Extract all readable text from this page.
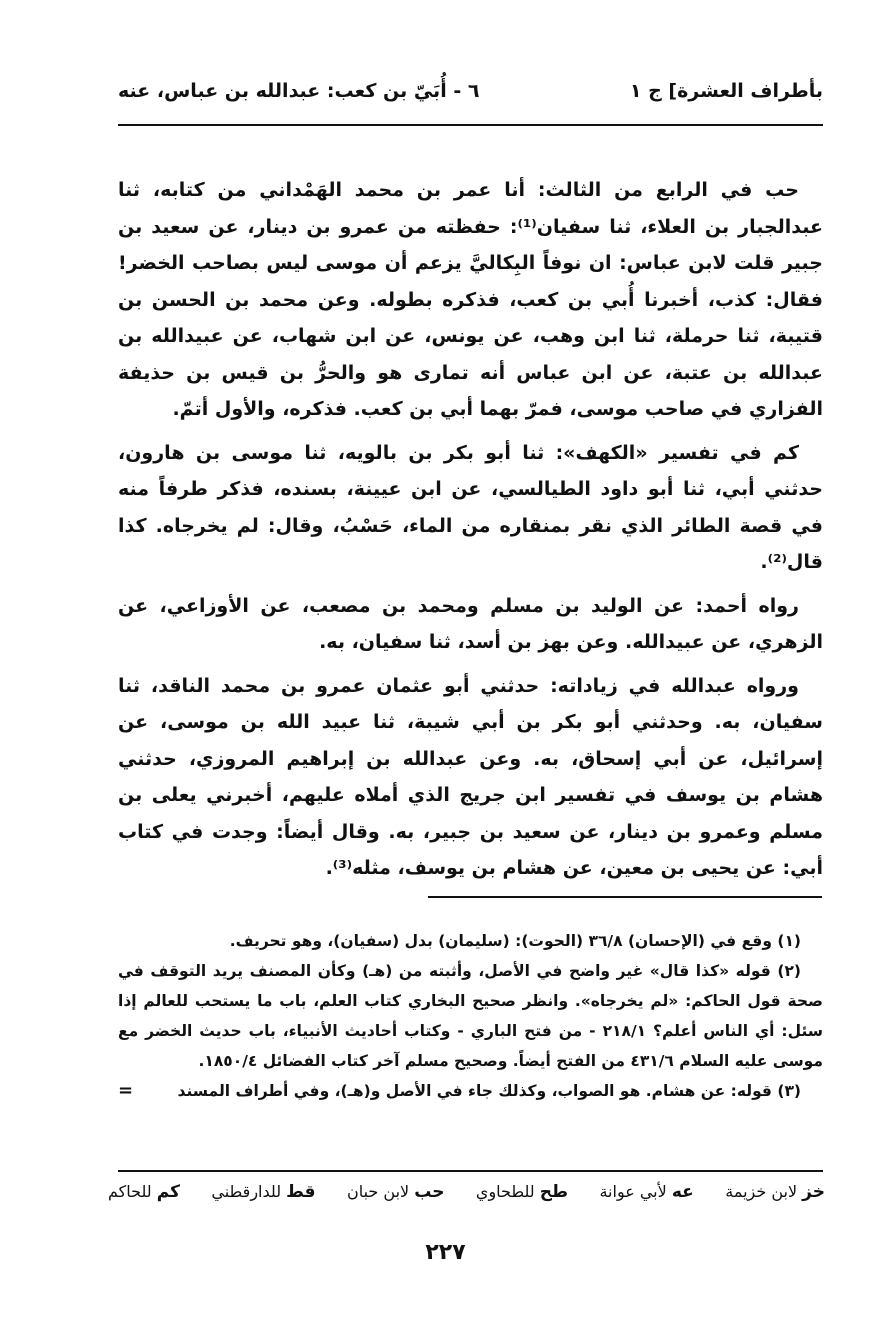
٦ - أُبَيّ بن كعب: عبدالله بن عباس، عنه	بأطراف العشرة] ج ١

حب في الرابع من الثالث: أنا عمر بن محمد الهَمْداني من كتابه، ثنا عبدالجبار بن العلاء، ثنا سفيان⁽¹⁾: حفظته من عمرو بن دينار، عن سعيد بن جبير قلت لابن عباس: ان نوفاً البِكاليَّ يزعم أن موسى ليس بصاحب الخضر! فقال: كذب، أخبرنا أُبي بن كعب، فذكره بطوله. وعن محمد بن الحسن بن قتيبة، ثنا حرملة، ثنا ابن وهب، عن يونس، عن ابن شهاب، عن عبيدالله بن عبدالله بن عتبة، عن ابن عباس أنه تمارى هو والحرُّ بن قيس بن حذيفة الفزاري في صاحب موسى، فمرّ بهما أبي بن كعب. فذكره، والأول أتمّ.

كم في تفسير «الكهف»: ثنا أبو بكر بن بالويه، ثنا موسى بن هارون، حدثني أبي، ثنا أبو داود الطيالسي، عن ابن عيينة، بسنده، فذكر طرفاً منه في قصة الطائر الذي نقر بمنقاره من الماء، حَسْبُ، وقال: لم يخرجاه. كذا قال⁽²⁾.

رواه أحمد: عن الوليد بن مسلم ومحمد بن مصعب، عن الأوزاعي، عن الزهري، عن عبيدالله. وعن بهز بن أسد، ثنا سفيان، به.

ورواه عبدالله في زياداته: حدثني أبو عثمان عمرو بن محمد الناقد، ثنا سفيان، به. وحدثني أبو بكر بن أبي شيبة، ثنا عبيد الله بن موسى، عن إسرائيل، عن أبي إسحاق، به. وعن عبدالله بن إبراهيم المروزي، حدثني هشام بن يوسف في تفسير ابن جريج الذي أملاه عليهم، أخبرني يعلى بن مسلم وعمرو بن دينار، عن سعيد بن جبير، به. وقال أيضاً: وجدت في كتاب أبي: عن يحيى بن معين، عن هشام بن يوسف، مثله⁽³⁾.

(١) وقع في (الإحسان) ٣٦/٨ (الحوت): (سليمان) بدل (سفيان)، وهو تحريف.

(٢) قوله «كذا قال» غير واضح في الأصل، وأثبته من (هـ) وكأن المصنف يريد التوقف في صحة قول الحاكم: «لم يخرجاه». وانظر صحيح البخاري كتاب العلم، باب ما يستحب للعالم إذا سئل: أي الناس أعلم؟ ٢١٨/١ - من فتح الباري - وكتاب أحاديث الأنبياء، باب حديث الخضر مع موسى عليه السلام ٤٣١/٦ من الفتح أيضاً. وصحيح مسلم آخر كتاب الفضائل ١٨٥٠/٤.

(٣) قوله: عن هشام. هو الصواب، وكذلك جاء في الأصل و(هـ)، وفي أطراف المسند

=
خز لابن خزيمة
عه لأبي عوانة
طح للطحاوي
حب لابن حبان
قط للدارقطني
كم للحاكم
٢٢٧
